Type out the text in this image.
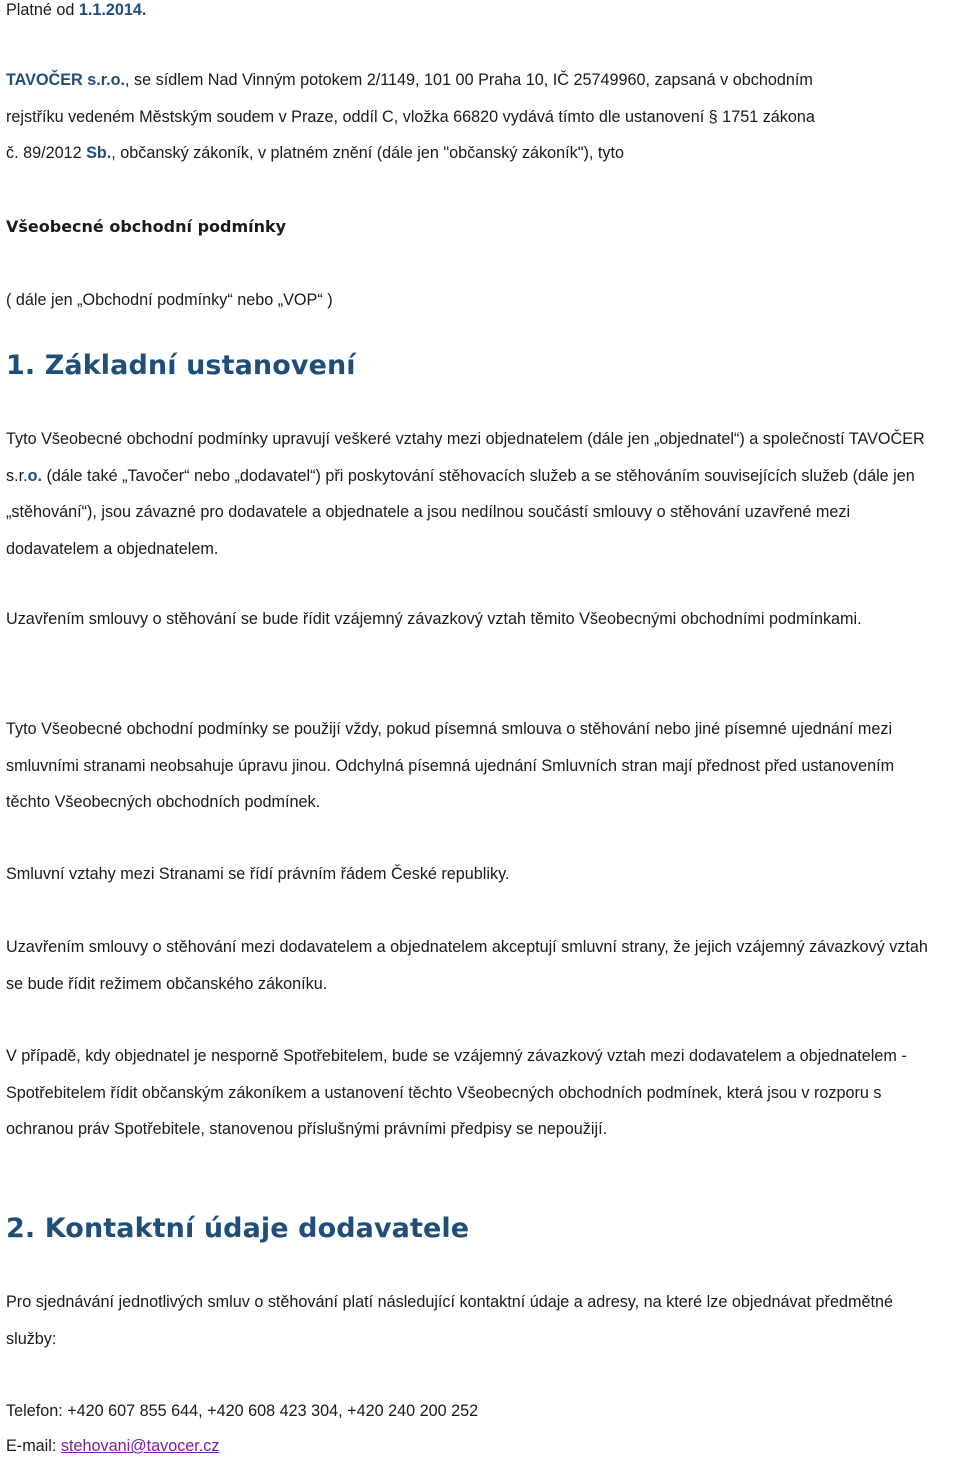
Platné od 1.1.2014.

TAVOČER s.r.o., se sídlem Nad Vinným potokem 2/1149, 101 00 Praha 10, IČ 25749960, zapsaná v obchodním
rejstříku vedeném Městským soudem v Praze, oddíl C, vložka 66820 vydává tímto dle ustanovení § 1751 zákona
č. 89/2012 Sb., občanský zákoník, v platném znění (dále jen "občanský zákoník"), tyto

Všeobecné obchodní podmínky

( dále jen „Obchodní podmínky“ nebo „VOP“ )

1. Základní ustanovení

Tyto Všeobecné obchodní podmínky upravují veškeré vztahy mezi objednatelem (dále jen „objednatel“) a společností TAVOČER s.r.o. (dále také „Tavočer“ nebo „dodavatel“) při poskytování stěhovacích služeb a se stěhováním souvisejících služeb (dále jen „stěhování“), jsou závazné pro dodavatele a objednatele a jsou nedílnou součástí smlouvy o stěhování uzavřené mezi dodavatelem a objednatelem.

Uzavřením smlouvy o stěhování se bude řídit vzájemný závazkový vztah těmito Všeobecnými obchodními podmínkami.

Tyto Všeobecné obchodní podmínky se použijí vždy, pokud písemná smlouva o stěhování nebo jiné písemné ujednání mezi smluvními stranami neobsahuje úpravu jinou. Odchylná písemná ujednání Smluvních stran mají přednost před ustanovením těchto Všeobecných obchodních podmínek.

Smluvní vztahy mezi Stranami se řídí právním řádem České republiky.

Uzavřením smlouvy o stěhování mezi dodavatelem a objednatelem akceptují smluvní strany, že jejich vzájemný závazkový vztah se bude řídit režimem občanského zákoníku.

V případě, kdy objednatel je nesporně Spotřebitelem, bude se vzájemný závazkový vztah mezi dodavatelem a objednatelem - Spotřebitelem řídit občanským zákoníkem a ustanovení těchto Všeobecných obchodních podmínek, která jsou v rozporu s ochranou práv Spotřebitele, stanovenou příslušnými právními předpisy se nepoužijí.

2. Kontaktní údaje dodavatele

Pro sjednávání jednotlivých smluv o stěhování platí následující kontaktní údaje a adresy, na které lze objednávat předmětné služby:

Telefon: +420 607 855 644, +420 608 423 304, +420 240 200 252

E-mail: stehovani@tavocer.cz
